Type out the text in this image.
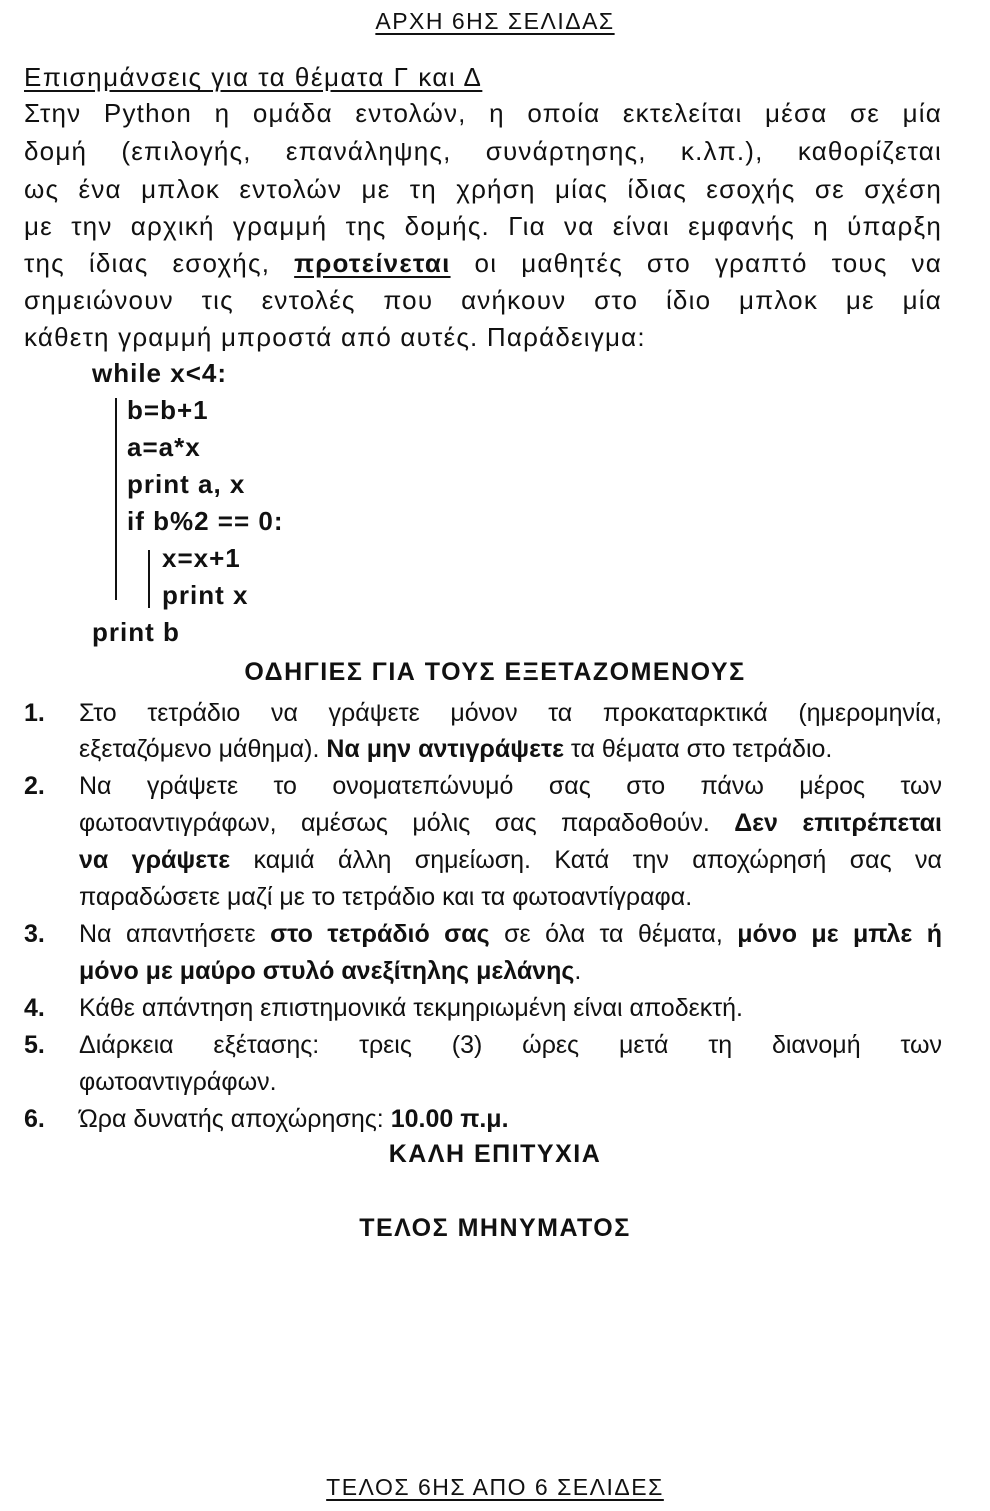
ΑΡΧΗ 6ΗΣ ΣΕΛΙΔΑΣ
Επισημάνσεις για τα θέματα Γ και Δ
Στην Python η ομάδα εντολών, η οποία εκτελείται μέσα σε μία
δομή (επιλογής, επανάληψης, συνάρτησης, κ.λπ.), καθορίζεται
ως ένα μπλοκ εντολών με τη χρήση μίας ίδιας εσοχής σε σχέση
με την αρχική γραμμή της δομής. Για να είναι εμφανής η ύπαρξη
της ίδιας εσοχής, προτείνεται οι μαθητές στο γραπτό τους να
σημειώνουν τις εντολές που ανήκουν στο ίδιο μπλοκ με μία
κάθετη γραμμή μπροστά από αυτές. Παράδειγμα:
while x<4:
b=b+1
a=a*x
print a, x
if b%2 == 0:
x=x+1
print x
print b
ΟΔΗΓΙΕΣ ΓΙΑ ΤΟΥΣ ΕΞΕΤΑΖΟΜΕΝΟΥΣ
1. Στο τετράδιο να γράψετε μόνον τα προκαταρκτικά (ημερομηνία,
εξεταζόμενο μάθημα). Να μην αντιγράψετε τα θέματα στο τετράδιο.
2. Να γράψετε το ονοματεπώνυμό σας στο πάνω μέρος των
φωτοαντιγράφων, αμέσως μόλις σας παραδοθούν. Δεν επιτρέπεται
να γράψετε καμιά άλλη σημείωση. Κατά την αποχώρησή σας να
παραδώσετε μαζί με το τετράδιο και τα φωτοαντίγραφα.
3. Να απαντήσετε στο τετράδιό σας σε όλα τα θέματα, μόνο με μπλε ή
μόνο με μαύρο στυλό ανεξίτηλης μελάνης.
4. Κάθε απάντηση επιστημονικά τεκμηριωμένη είναι αποδεκτή.
5. Διάρκεια εξέτασης: τρεις (3) ώρες μετά τη διανομή των
φωτοαντιγράφων.
6. Ώρα δυνατής αποχώρησης: 10.00 π.μ.
ΚΑΛΗ ΕΠΙΤΥΧΙΑ
ΤΕΛΟΣ ΜΗΝΥΜΑΤΟΣ
ΤΕΛΟΣ 6ΗΣ ΑΠΟ 6 ΣΕΛΙΔΕΣ
